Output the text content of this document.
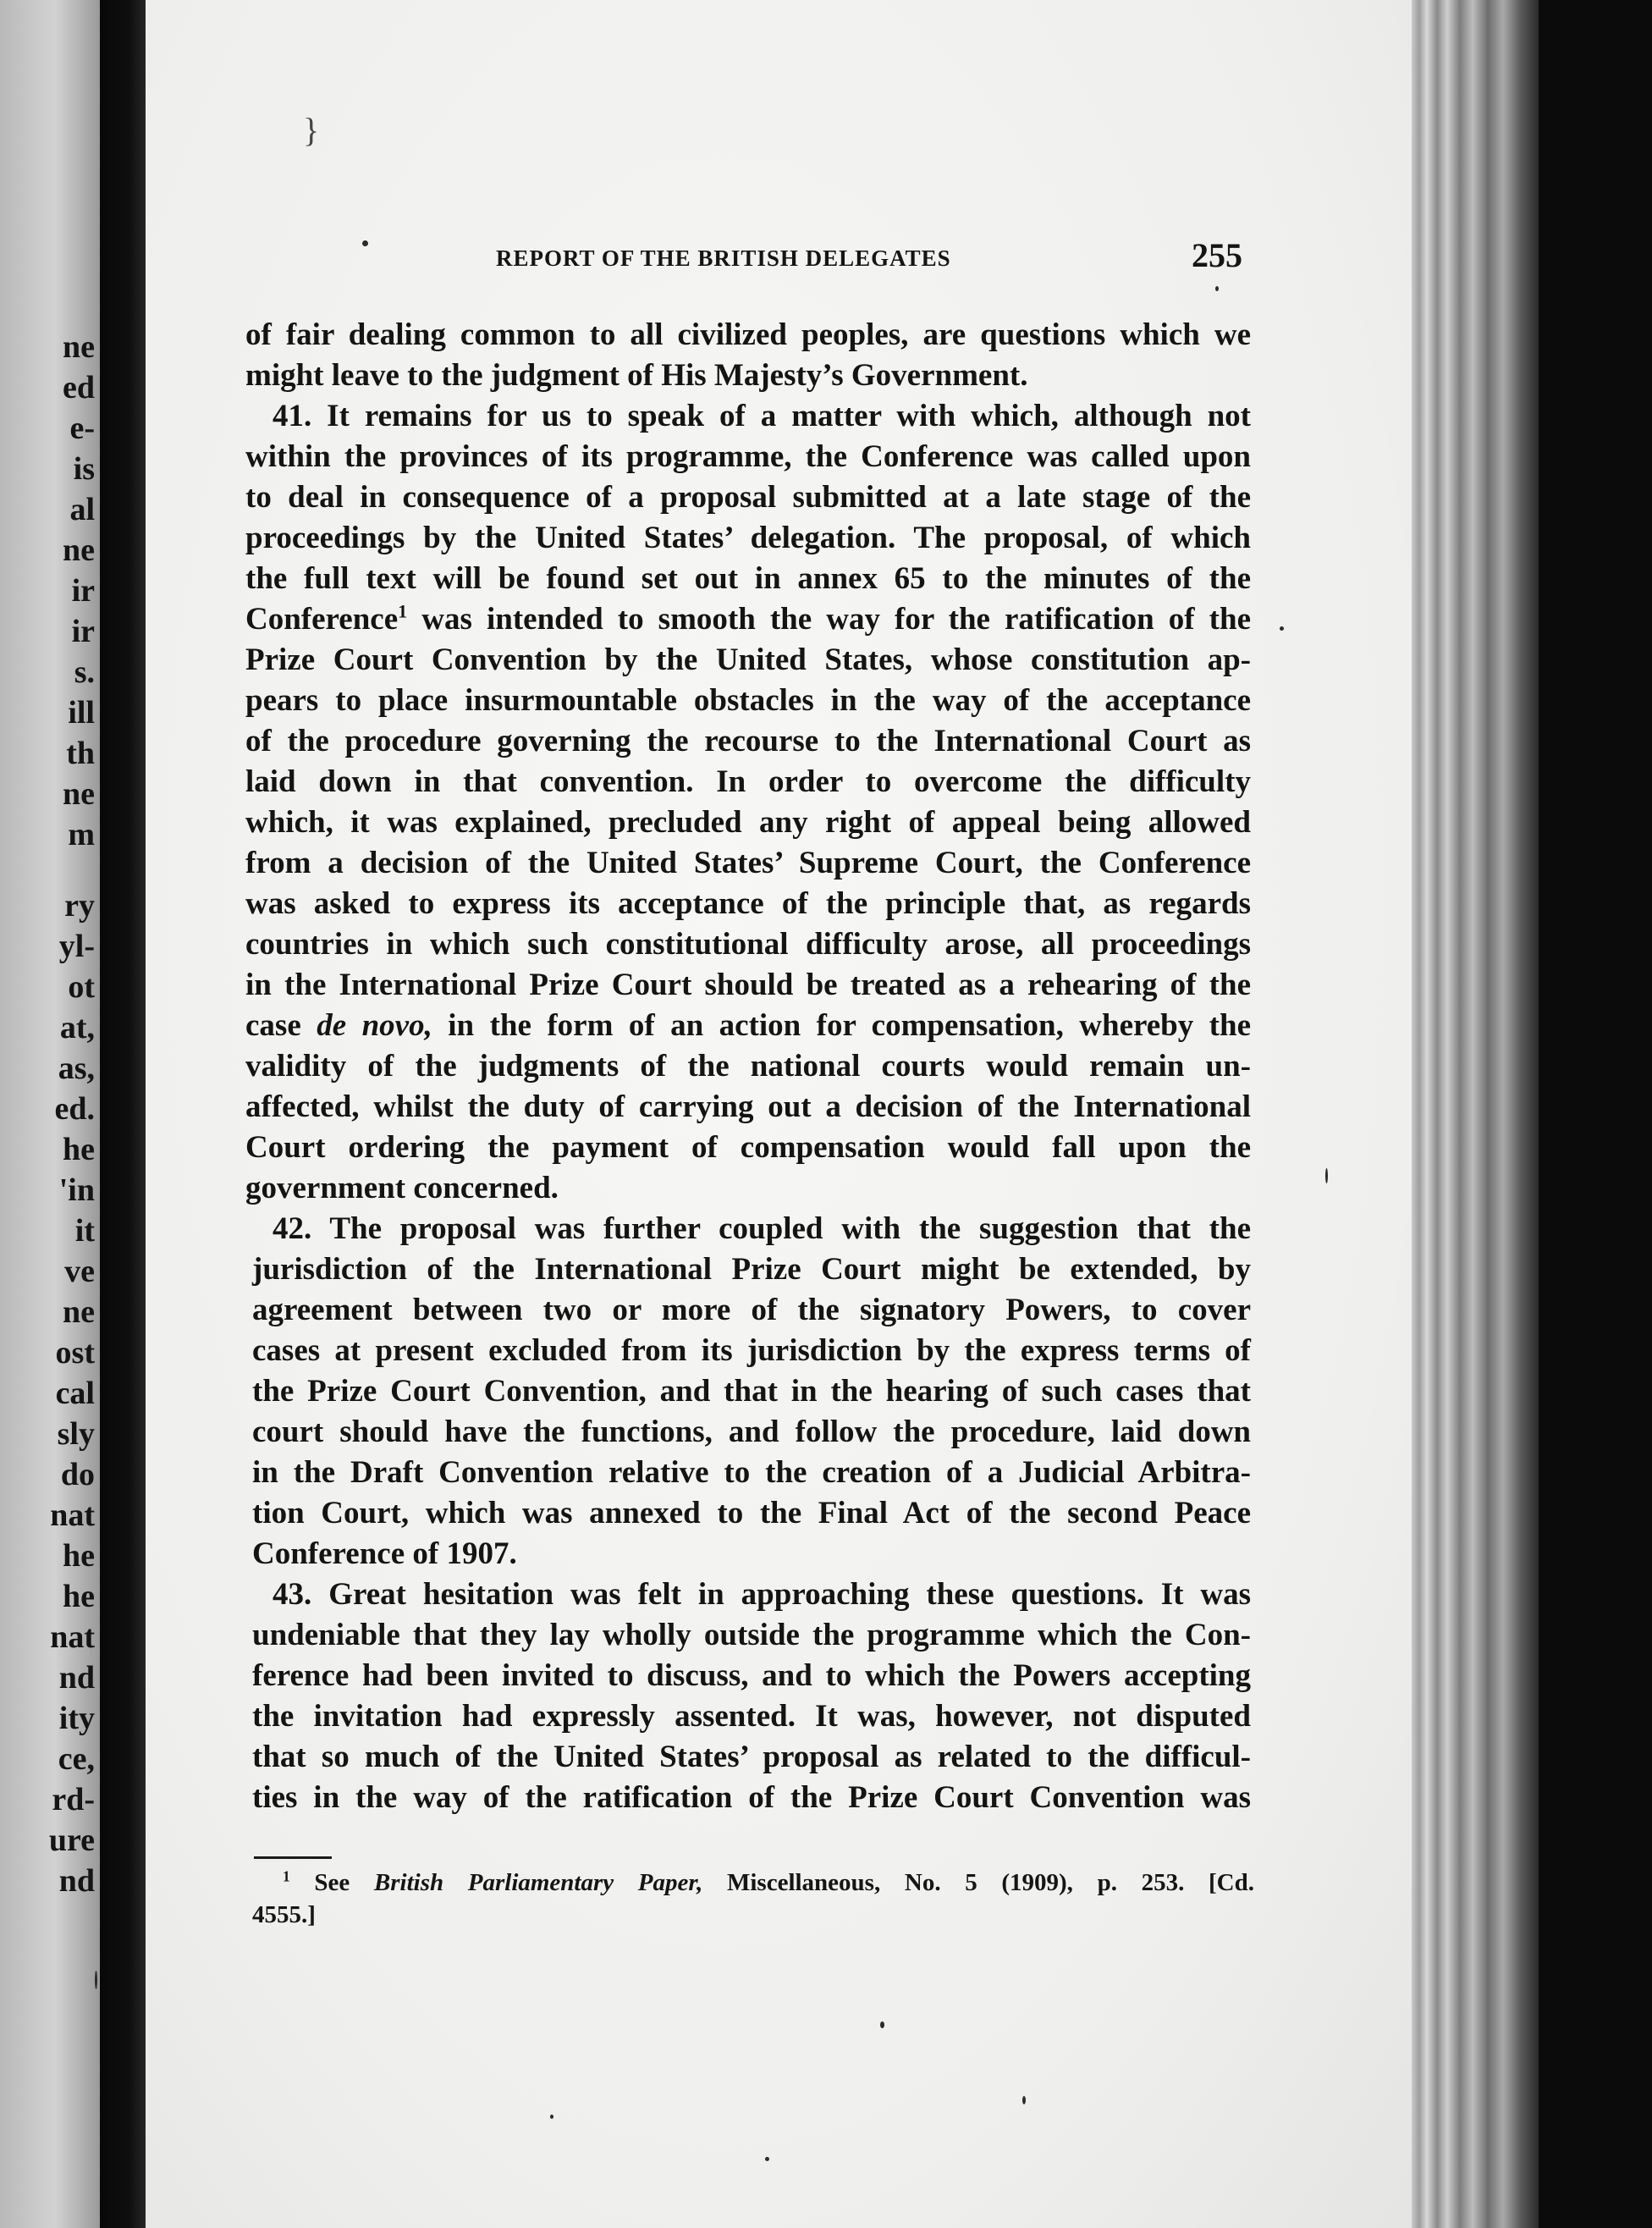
ne
ed
e-
is
al
ne
ir
ir
s.
ill
th
ne
m
ry
yl-
ot
at,
as,
ed.
he
'in
it
ve
ne
ost
cal
sly
do
nat
he
he
nat
nd
ity
ce,
rd-
ure
nd
REPORT OF THE BRITISH DELEGATES	255
of fair dealing common to all civilized peoples, are questions which we
might leave to the judgment of His Majesty’s Government.
41. It remains for us to speak of a matter with which, although not
within the provinces of its programme, the Conference was called upon
to deal in consequence of a proposal submitted at a late stage of the
proceedings by the United States’ delegation. The proposal, of which
the full text will be found set out in annex 65 to the minutes of the
Conference$^1$ was intended to smooth the way for the ratification of the
Prize Court Convention by the United States, whose constitution ap-
pears to place insurmountable obstacles in the way of the acceptance
of the procedure governing the recourse to the International Court as
laid down in that convention. In order to overcome the difficulty
which, it was explained, precluded any right of appeal being allowed
from a decision of the United States’ Supreme Court, the Conference
was asked to express its acceptance of the principle that, as regards
countries in which such constitutional difficulty arose, all proceedings
in the International Prize Court should be treated as a rehearing of the
case de novo, in the form of an action for compensation, whereby the
validity of the judgments of the national courts would remain un-
affected, whilst the duty of carrying out a decision of the International
Court ordering the payment of compensation would fall upon the
government concerned.
42. The proposal was further coupled with the suggestion that the
jurisdiction of the International Prize Court might be extended, by
agreement between two or more of the signatory Powers, to cover
cases at present excluded from its jurisdiction by the express terms of
the Prize Court Convention, and that in the hearing of such cases that
court should have the functions, and follow the procedure, laid down
in the Draft Convention relative to the creation of a Judicial Arbitra-
tion Court, which was annexed to the Final Act of the second Peace
Conference of 1907.
43. Great hesitation was felt in approaching these questions. It was
undeniable that they lay wholly outside the programme which the Con-
ference had been invited to discuss, and to which the Powers accepting
the invitation had expressly assented. It was, however, not disputed
that so much of the United States’ proposal as related to the difficul-
ties in the way of the ratification of the Prize Court Convention was
$^1$ See British Parliamentary Paper, Miscellaneous, No. 5 (1909), p. 253. [Cd.
4555.]
}
